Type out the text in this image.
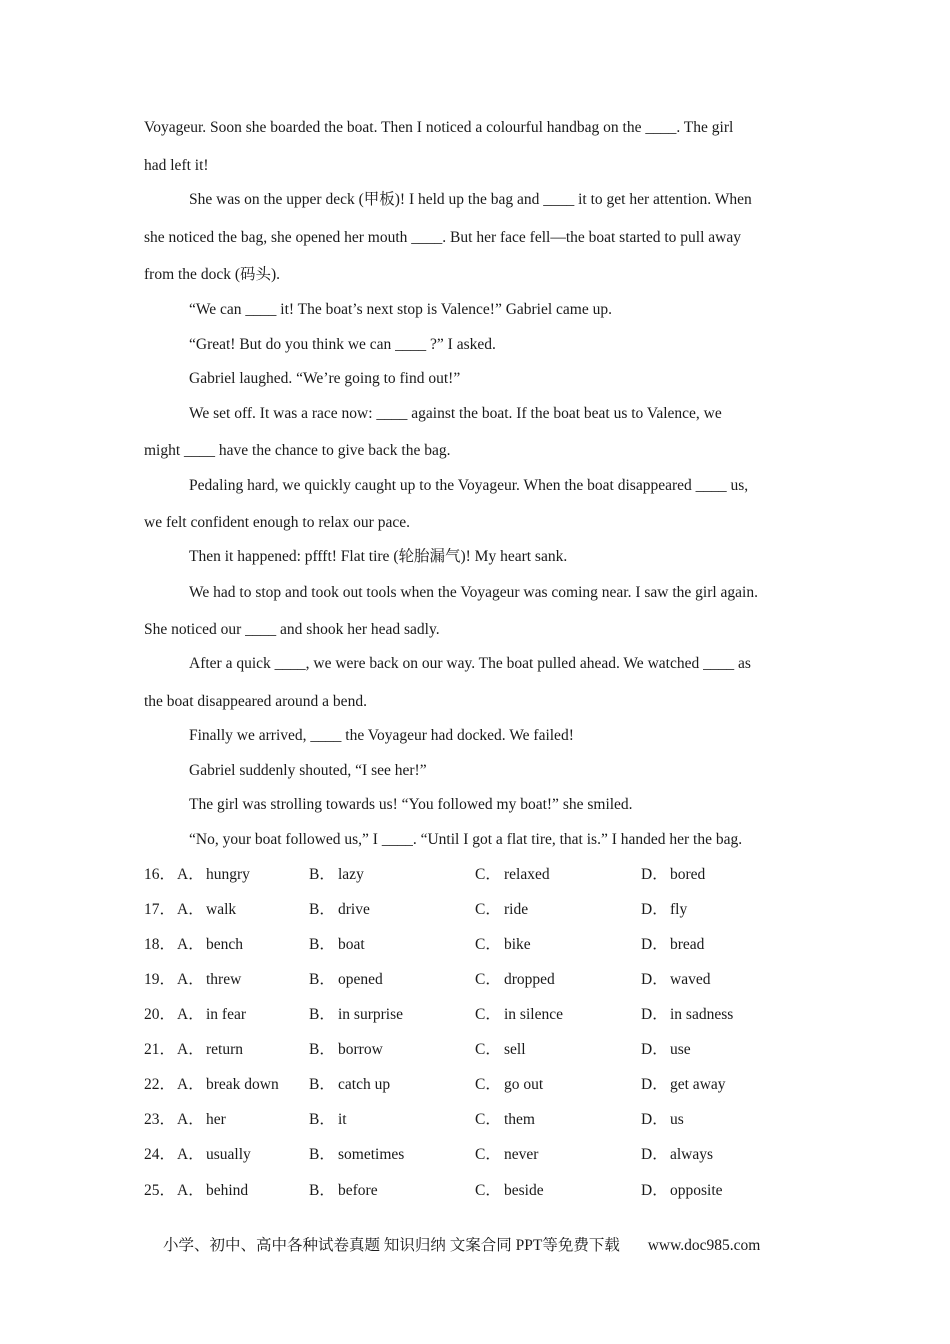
Voyageur. Soon she boarded the boat. Then I noticed a colourful handbag on the ____. The girl
had left it!
She was on the upper deck (甲板)! I held up the bag and ____ it to get her attention. When
she noticed the bag, she opened her mouth ____. But her face fell—the boat started to pull away
from the dock (码头).
“We can ____ it! The boat’s next stop is Valence!” Gabriel came up.
“Great! But do you think we can ____ ?” I asked.
Gabriel laughed. “We’re going to find out!”
We set off. It was a race now: ____ against the boat. If the boat beat us to Valence, we
might ____ have the chance to give back the bag.
Pedaling hard, we quickly caught up to the Voyageur. When the boat disappeared ____ us,
we felt confident enough to relax our pace.
Then it happened: pffft! Flat tire (轮胎漏气)! My heart sank.
We had to stop and took out tools when the Voyageur was coming near. I saw the girl again.
She noticed our ____ and shook her head sadly.
After a quick ____, we were back on our way. The boat pulled ahead. We watched ____ as
the boat disappeared around a bend.
Finally we arrived, ____ the Voyageur had docked. We failed!
Gabriel suddenly shouted, “I see her!”
The girl was strolling towards us! “You followed my boat!” she smiled.
“No, your boat followed us,” I ____. “Until I got a flat tire, that is.” I handed her the bag.
16． A． hungry	B． lazy	C． relaxed	D． bored
17． A． walk	B． drive	C． ride	D． fly
18． A． bench	B． boat	C． bike	D． bread
19． A． threw	B． opened	C． dropped	D． waved
20． A． in fear	B． in surprise	C． in silence	D． in sadness
21． A． return	B． borrow	C． sell	D． use
22． A． break down B． catch up	C． go out	D． get away
23． A． her	B． it	C． them	D． us
24． A． usually	B． sometimes	C． never	D． always
25． A． behind	B． before	C． beside	D． opposite
小学、初中、高中各种试卷真题 知识归纳 文案合同 PPT等免费下载 www.doc985.com
